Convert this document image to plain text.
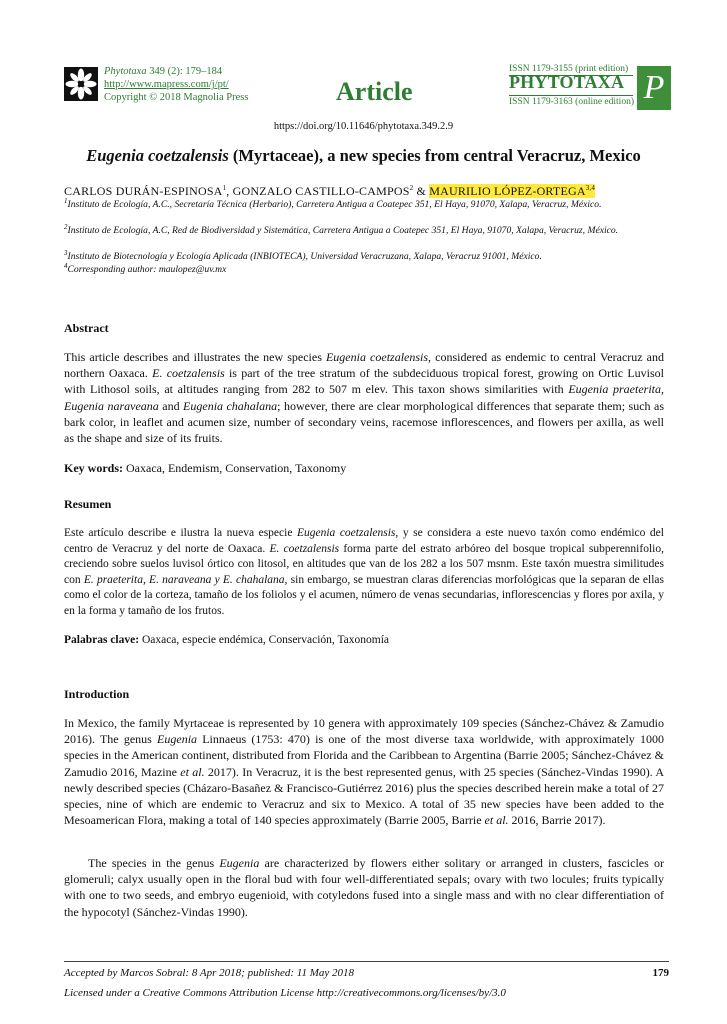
Phytotaxa 349 (2): 179–184
http://www.mapress.com/j/pt/
Copyright © 2018 Magnolia Press	Article
ISSN 1179-3155 (print edition)
PHYTOTAXA
ISSN 1179-3163 (online edition) P
https://doi.org/10.11646/phytotaxa.349.2.9
Eugenia coetzalensis (Myrtaceae), a new species from central Veracruz, Mexico
CARLOS DURÁN-ESPINOSA$^1$, GONZALO CASTILLO-CAMPOS$^2$ & MAURILIO LÓPEZ-ORTEGA$^{3,4}$
$^1$Instituto de Ecología, A.C., Secretaría Técnica (Herbario), Carretera Antigua a Coatepec 351, El Haya, 91070, Xalapa, Veracruz, México.
$^2$Instituto de Ecología, A.C, Red de Biodiversidad y Sistemática, Carretera Antigua a Coatepec 351, El Haya, 91070, Xalapa, Veracruz, México.
$^3$Instituto de Biotecnología y Ecología Aplicada (INBIOTECA), Universidad Veracruzana, Xalapa, Veracruz 91001, México.
$^4$Corresponding author: maulopez@uv.mx
Abstract
This article describes and illustrates the new species Eugenia coetzalensis, considered as endemic to central Veracruz and northern Oaxaca. E. coetzalensis is part of the tree stratum of the subdeciduous tropical forest, growing on Ortic Luvisol with Lithosol soils, at altitudes ranging from 282 to 507 m elev. This taxon shows similarities with Eugenia praeterita, Eugenia naraveana and Eugenia chahalana; however, there are clear morphological differences that separate them; such as bark color, in leaflet and acumen size, number of secondary veins, racemose inflorescences, and flowers per axilla, as well as the shape and size of its fruits.
Key words: Oaxaca, Endemism, Conservation, Taxonomy
Resumen
Este artículo describe e ilustra la nueva especie Eugenia coetzalensis, y se considera a este nuevo taxón como endémico del centro de Veracruz y del norte de Oaxaca. E. coetzalensis forma parte del estrato arbóreo del bosque tropical subperennifolio, creciendo sobre suelos luvisol órtico con litosol, en altitudes que van de los 282 a los 507 msnm. Este taxón muestra similitudes con E. praeterita, E. naraveana y E. chahalana, sin embargo, se muestran claras diferencias morfológicas que la separan de ellas como el color de la corteza, tamaño de los foliolos y el acumen, número de venas secundarias, inflorescencias y flores por axila, y en la forma y tamaño de los frutos.
Palabras clave: Oaxaca, especie endémica, Conservación, Taxonomía
Introduction
In Mexico, the family Myrtaceae is represented by 10 genera with approximately 109 species (Sánchez-Chávez & Zamudio 2016). The genus Eugenia Linnaeus (1753: 470) is one of the most diverse taxa worldwide, with approximately 1000 species in the American continent, distributed from Florida and the Caribbean to Argentina (Barrie 2005; Sánchez-Chávez & Zamudio 2016, Mazine et al. 2017). In Veracruz, it is the best represented genus, with 25 species (Sánchez-Vindas 1990). A newly described species (Cházaro-Basañez & Francisco-Gutiérrez 2016) plus the species described herein make a total of 27 species, nine of which are endemic to Veracruz and six to Mexico. A total of 35 new species have been added to the Mesoamerican Flora, making a total of 140 species approximately (Barrie 2005, Barrie et al. 2016, Barrie 2017).
The species in the genus Eugenia are characterized by flowers either solitary or arranged in clusters, fascicles or glomeruli; calyx usually open in the floral bud with four well-differentiated sepals; ovary with two locules; fruits typically with one to two seeds, and embryo eugenioid, with cotyledons fused into a single mass and with no clear differentiation of the hypocotyl (Sánchez-Vindas 1990).
Accepted by Marcos Sobral: 8 Apr 2018; published: 11 May 2018	179
Licensed under a Creative Commons Attribution License http://creativecommons.org/licenses/by/3.0
